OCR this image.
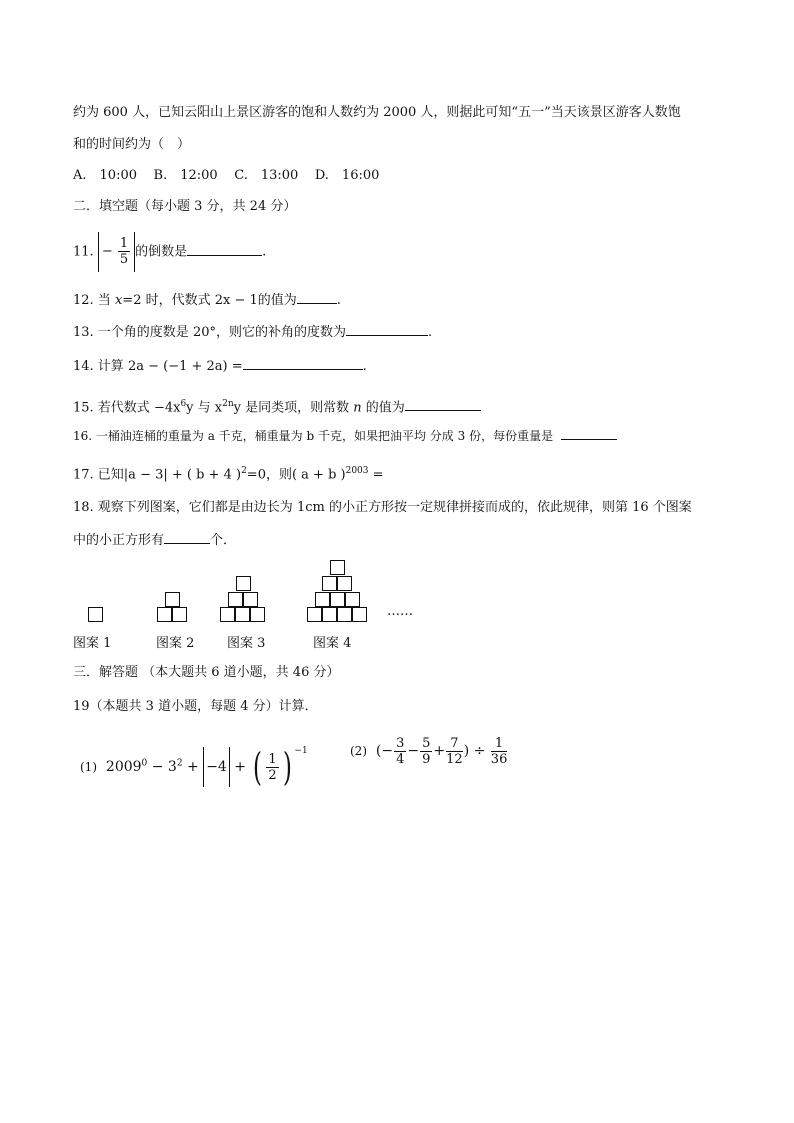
约为 600 人，已知云阳山上景区游客的饱和人数约为 2000 人，则据此可知“五一”当天该景区游客人数饱
和的时间约为（　）
A.　10:00 B.　12:00 C.　13:00 D.　16:00
二．填空题（每小题 3 分，共 24 分）
11. − $\frac{1}{5}$ 的倒数是	.
12. 当 x=2 时，代数式 2x − 1的值为	.
13. 一个角的度数是 20°，则它的补角的度数为	.
14. 计算 2a − (−1 + 2a) =	.
15. 若代数式 $-4x^6y$ 与 $x^{2n}y$ 是同类项，则常数 n 的值为
16. 一桶油连桶的重量为 a 千克，桶重量为 b 千克，如果把油平均 分成 3 份，每份重量是
17. 已知|a − 3| + ( b + 4 )$^2$=0，则( a + b )$^{2003}$ =
18. 观察下列图案，它们都是由边长为 1cm 的小正方形按一定规律拼接而成的，依此规律，则第 16 个图案
中的小正方形有	个．
……
图案 1	图案 2	图案 3	图案 4
三．解答题 （本大题共 6 道小题，共 46 分）
19（本题共 3 道小题，每题 4 分）计算．
(1) $2009^0 - 3^2 + -4$ + ( $\frac{1}{2}$ ) $^{-1}$	(2) (− $\frac{3}{4} - \frac{5}{9} + \frac{7}{12}$ ) ÷ $\frac{1}{36}$
